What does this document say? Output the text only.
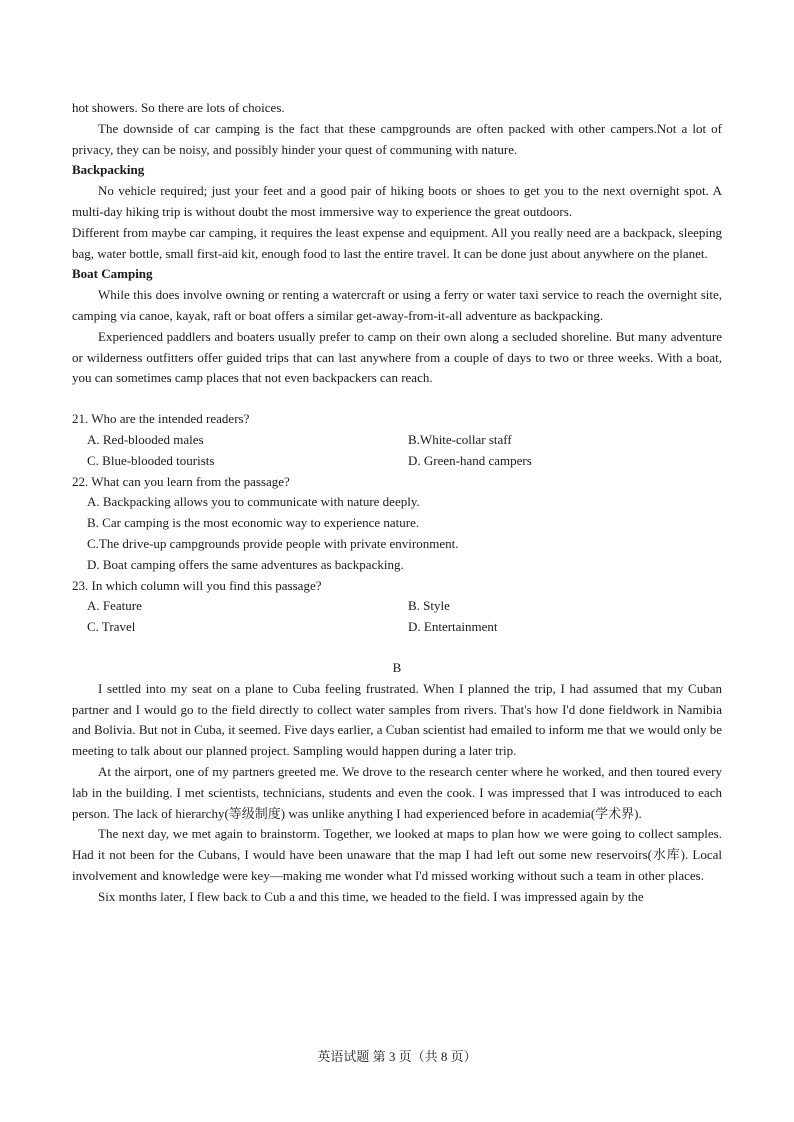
hot showers. So there are lots of choices.

The downside of car camping is the fact that these campgrounds are often packed with other campers.Not a lot of privacy, they can be noisy, and possibly hinder your quest of communing with nature.

Backpacking

No vehicle required; just your feet and a good pair of hiking boots or shoes to get you to the next overnight spot. A multi-day hiking trip is without doubt the most immersive way to experience the great outdoors.

Different from maybe car camping, it requires the least expense and equipment. All you really need are a backpack, sleeping bag, water bottle, small first-aid kit, enough food to last the entire travel. It can be done just about anywhere on the planet.

Boat Camping

While this does involve owning or renting a watercraft or using a ferry or water taxi service to reach the overnight site, camping via canoe, kayak, raft or boat offers a similar get-away-from-it-all adventure as backpacking.

Experienced paddlers and boaters usually prefer to camp on their own along a secluded shoreline. But many adventure or wilderness outfitters offer guided trips that can last anywhere from a couple of days to two or three weeks. With a boat, you can sometimes camp places that not even backpackers can reach.

21. Who are the intended readers?

A. Red-blooded males	B.White-collar staff
C. Blue-blooded tourists	D. Green-hand campers

22. What can you learn from the passage?

A. Backpacking allows you to communicate with nature deeply.

B. Car camping is the most economic way to experience nature.

C.The drive-up campgrounds provide people with private environment.

D. Boat camping offers the same adventures as backpacking.

23. In which column will you find this passage?

A. Feature	B. Style
C. Travel	D. Entertainment

B

I settled into my seat on a plane to Cuba feeling frustrated. When I planned the trip, I had assumed that my Cuban partner and I would go to the field directly to collect water samples from rivers. That's how I'd done fieldwork in Namibia and Bolivia. But not in Cuba, it seemed. Five days earlier, a Cuban scientist had emailed to inform me that we would only be meeting to talk about our planned project. Sampling would happen during a later trip.

At the airport, one of my partners greeted me. We drove to the research center where he worked, and then toured every lab in the building. I met scientists, technicians, students and even the cook. I was impressed that I was introduced to each person. The lack of hierarchy(等级制度) was unlike anything I had experienced before in academia(学术界).

The next day, we met again to brainstorm. Together, we looked at maps to plan how we were going to collect samples. Had it not been for the Cubans, I would have been unaware that the map I had left out some new reservoirs(水库). Local involvement and knowledge were key—making me wonder what I'd missed working without such a team in other places.

Six months later, I flew back to Cub a and this time, we headed to the field. I was impressed again by the

英语试题 第 3 页（共 8 页）
